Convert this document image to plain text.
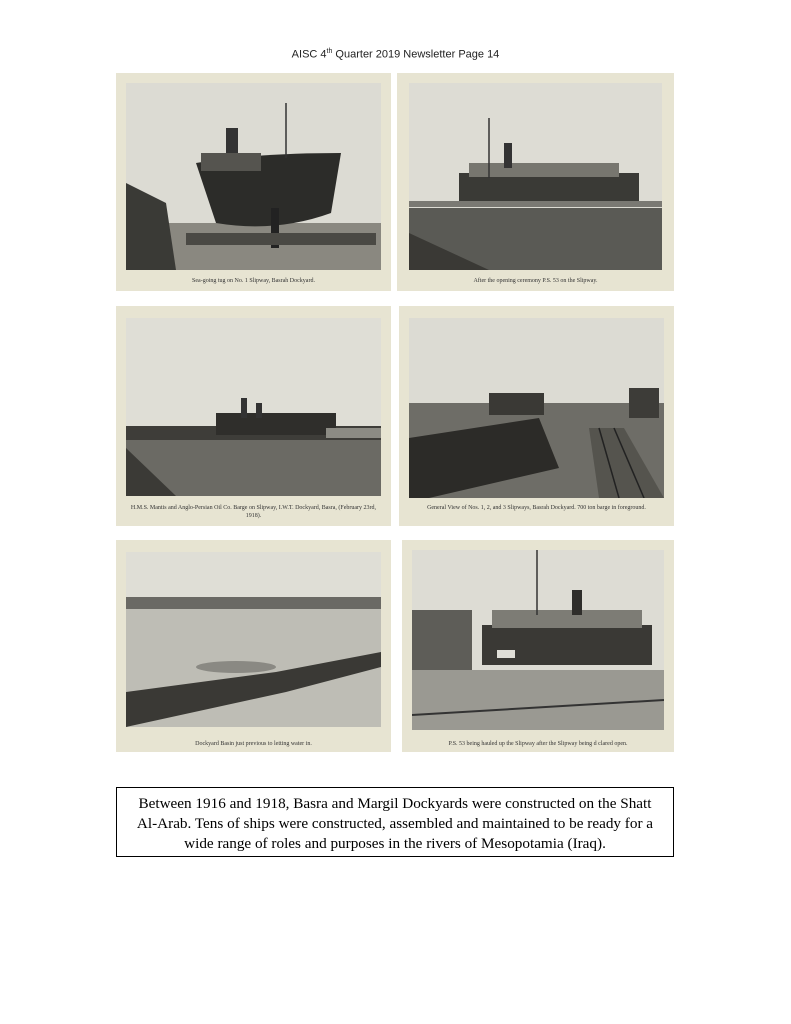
AISC 4th Quarter 2019 Newsletter Page 14
Sea-going tug on No. 1 Slipway, Basrah Dockyard.	After the opening ceremony P.S. 53 on the Slipway.
H.M.S. Mantis and Anglo-Persian Oil Co. Barge on Slipway, I.W.T. Dockyard, Basra, (February 23rd, 1918).
General View of Nos. 1, 2, and 3 Slipways, Basrah Dockyard. 700 ton barge in foreground.
Dockyard Basin just previous to letting water in.	P.S. 53 being hauled up the Slipway after the Slipway being d clared open.
Between 1916 and 1918, Basra and Margil Dockyards were constructed on the Shatt Al-Arab. Tens of ships were constructed, assembled and maintained to be ready for a wide range of roles and purposes in the rivers of Mesopotamia (Iraq).
